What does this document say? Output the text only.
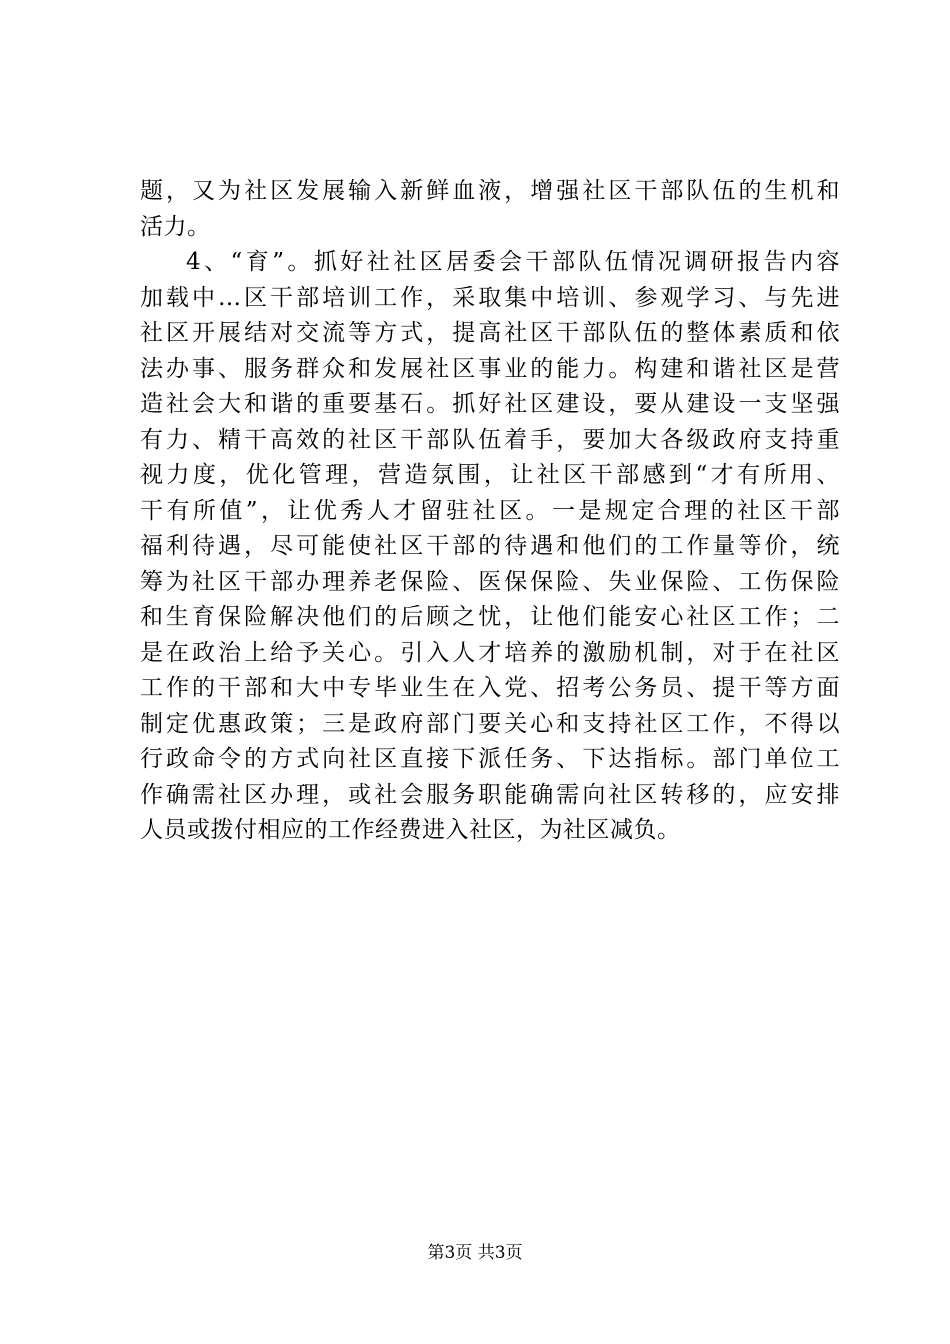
题，又为社区发展输入新鲜血液，增强社区干部队伍的生机和
活力。
4、“育”。抓好社社区居委会干部队伍情况调研报告内容
加载中...区干部培训工作，采取集中培训、参观学习、与先进
社区开展结对交流等方式，提高社区干部队伍的整体素质和依
法办事、服务群众和发展社区事业的能力。构建和谐社区是营
造社会大和谐的重要基石。抓好社区建设，要从建设一支坚强
有力、精干高效的社区干部队伍着手，要加大各级政府支持重
视力度，优化管理，营造氛围，让社区干部感到“才有所用、
干有所值”，让优秀人才留驻社区。一是规定合理的社区干部
福利待遇，尽可能使社区干部的待遇和他们的工作量等价，统
筹为社区干部办理养老保险、医保保险、失业保险、工伤保险
和生育保险解决他们的后顾之忧，让他们能安心社区工作；二
是在政治上给予关心。引入人才培养的激励机制，对于在社区
工作的干部和大中专毕业生在入党、招考公务员、提干等方面
制定优惠政策；三是政府部门要关心和支持社区工作，不得以
行政命令的方式向社区直接下派任务、下达指标。部门单位工
作确需社区办理，或社会服务职能确需向社区转移的，应安排
人员或拨付相应的工作经费进入社区，为社区减负。
第3页 共3页
